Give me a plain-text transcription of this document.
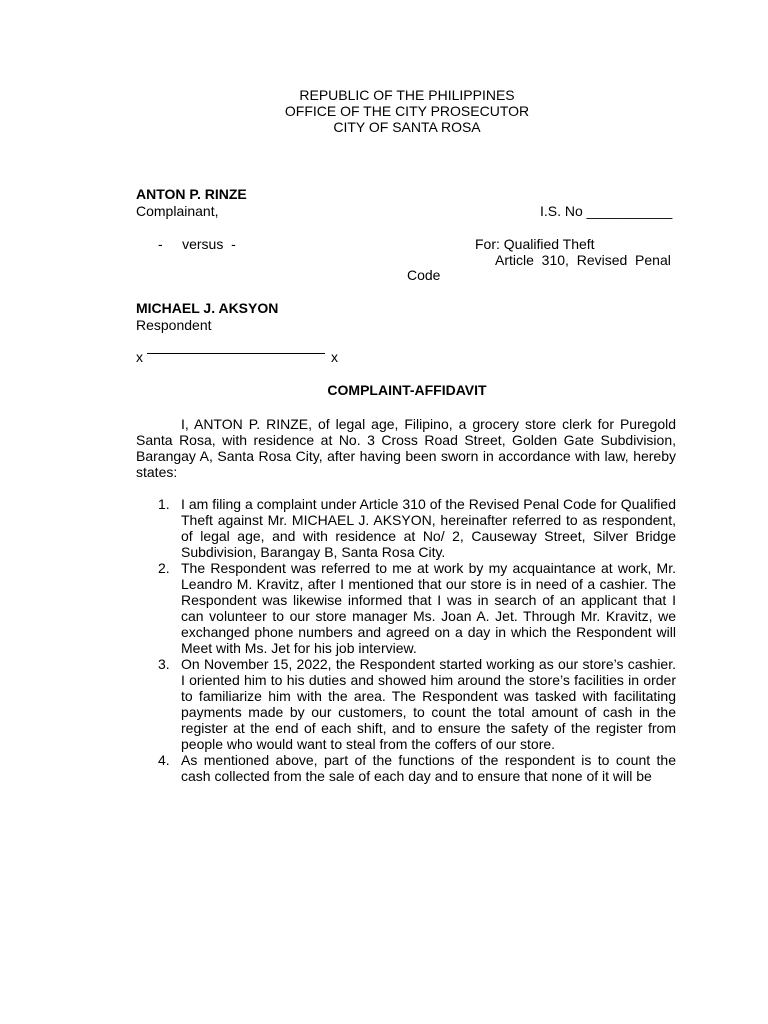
REPUBLIC OF THE PHILIPPINES
OFFICE OF THE CITY PROSECUTOR
CITY OF SANTA ROSA
ANTON P. RINZE
Complainant,	I.S. No ___________
-     versus  -	For: Qualified Theft
Article  310,  Revised  Penal
Code
MICHAEL J. AKSYON
Respondent
x	x
COMPLAINT-AFFIDAVIT

I, ANTON P. RINZE, of legal age, Filipino, a grocery store clerk for Puregold Santa Rosa, with residence at No. 3 Cross Road Street, Golden Gate Subdivision, Barangay A, Santa Rosa City, after having been sworn in accordance with law, hereby states:

1. I am filing a complaint under Article 310 of the Revised Penal Code for Qualified Theft against Mr. MICHAEL J. AKSYON, hereinafter referred to as respondent, of legal age, and with residence at No/ 2, Causeway Street, Silver Bridge Subdivision, Barangay B, Santa Rosa City.
2. The Respondent was referred to me at work by my acquaintance at work, Mr. Leandro M. Kravitz, after I mentioned that our store is in need of a cashier. The Respondent was likewise informed that I was in search of an applicant that I can volunteer to our store manager Ms. Joan A. Jet. Through Mr. Kravitz, we exchanged phone numbers and agreed on a day in which the Respondent will Meet with Ms. Jet for his job interview.
3. On November 15, 2022, the Respondent started working as our store’s cashier. I oriented him to his duties and showed him around the store’s facilities in order to familiarize him with the area. The Respondent was tasked with facilitating payments made by our customers, to count the total amount of cash in the register at the end of each shift, and to ensure the safety of the register from people who would want to steal from the coffers of our store.
4. As mentioned above, part of the functions of the respondent is to count the cash collected from the sale of each day and to ensure that none of it will be
